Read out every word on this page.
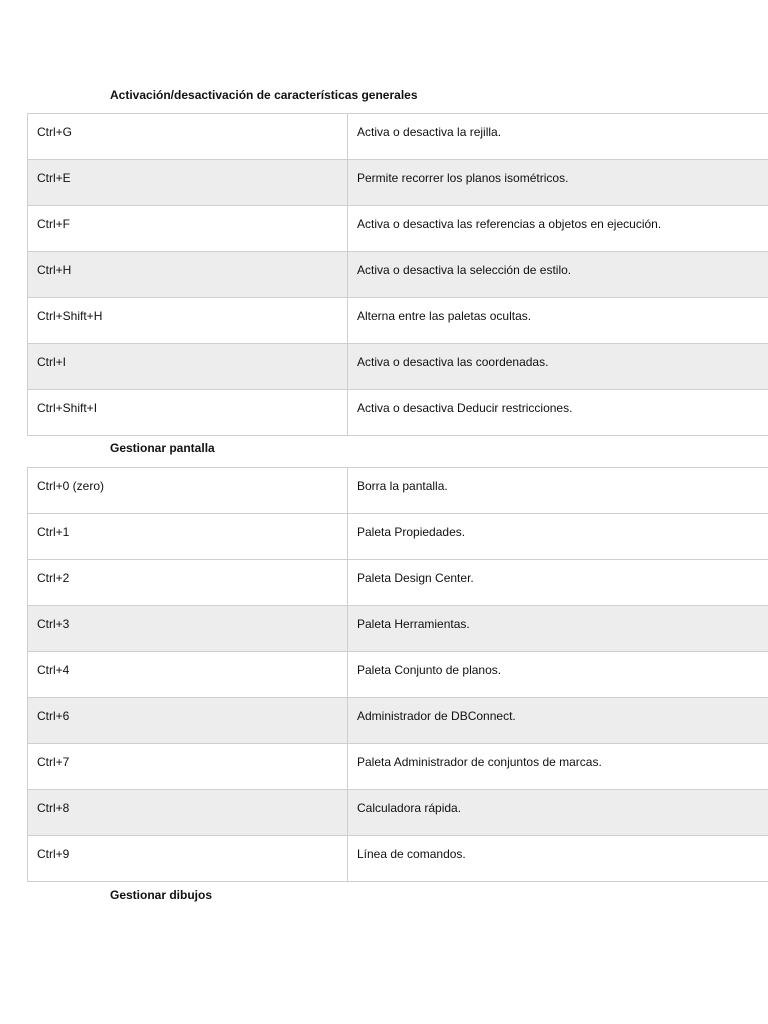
Activación/desactivación de características generales
Ctrl+G	Activa o desactiva la rejilla.
Ctrl+E	Permite recorrer los planos isométricos.
Ctrl+F	Activa o desactiva las referencias a objetos en ejecución.
Ctrl+H	Activa o desactiva la selección de estilo.
Ctrl+Shift+H	Alterna entre las paletas ocultas.
Ctrl+I	Activa o desactiva las coordenadas.
Ctrl+Shift+I	Activa o desactiva Deducir restricciones.
Gestionar pantalla
Ctrl+0 (zero)	Borra la pantalla.
Ctrl+1	Paleta Propiedades.
Ctrl+2	Paleta Design Center.
Ctrl+3	Paleta Herramientas.
Ctrl+4	Paleta Conjunto de planos.
Ctrl+6	Administrador de DBConnect.
Ctrl+7	Paleta Administrador de conjuntos de marcas.
Ctrl+8	Calculadora rápida.
Ctrl+9	Línea de comandos.
Gestionar dibujos
